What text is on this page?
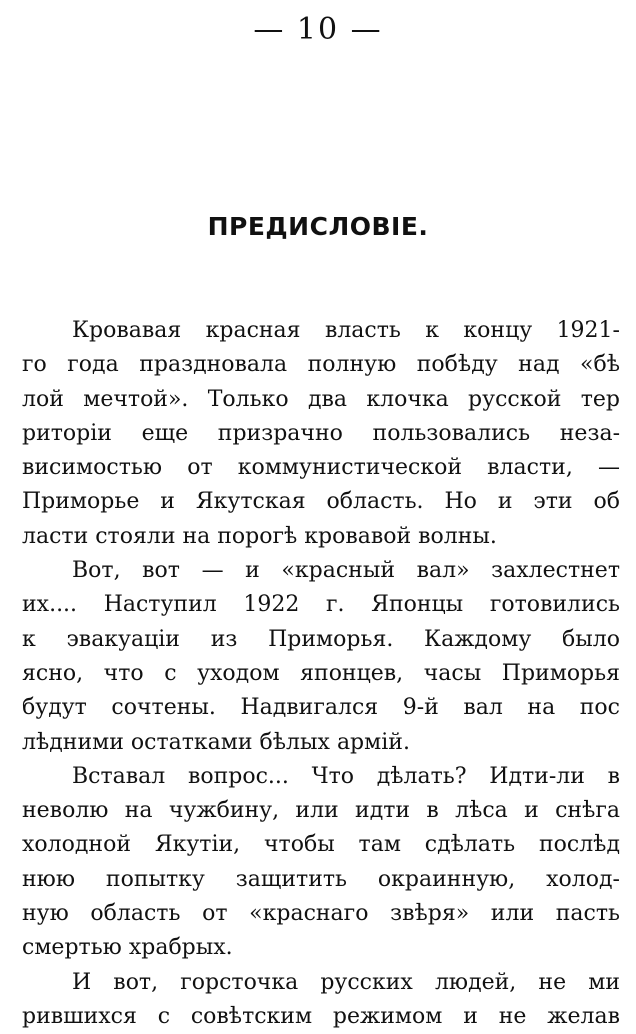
— 10 —
ПРЕДИСЛОВІЕ.
Кровавая красная власть к концу 1921-
го года праздновала полную побѣду над «бѣ
лой мечтой». Только два клочка русской тер
риторіи еще призрачно пользовались неза-
висимостью от коммунистической власти, —
Приморье и Якутская область. Но и эти об
ласти стояли на порогѣ кровавой волны.
Вот, вот — и «красный вал» захлестнет
их.... Наступил 1922 г. Японцы готовились
к эвакуаціи из Приморья. Каждому было
ясно, что с уходом японцев, часы Приморья
будут сочтены. Надвигался 9-й вал на пос
лѣдними остатками бѣлых армій.
Вставал вопрос... Что дѣлать? Идти-ли в
неволю на чужбину, или идти в лѣса и снѣга
холодной Якутіи, чтобы там сдѣлать послѣд
нюю попытку защитить окраинную, холод-
ную область от «краснаго звѣря» или пасть
смертью храбрых.
И вот, горсточка русских людей, не ми
рившихся с совѣтским режимом и не желав
